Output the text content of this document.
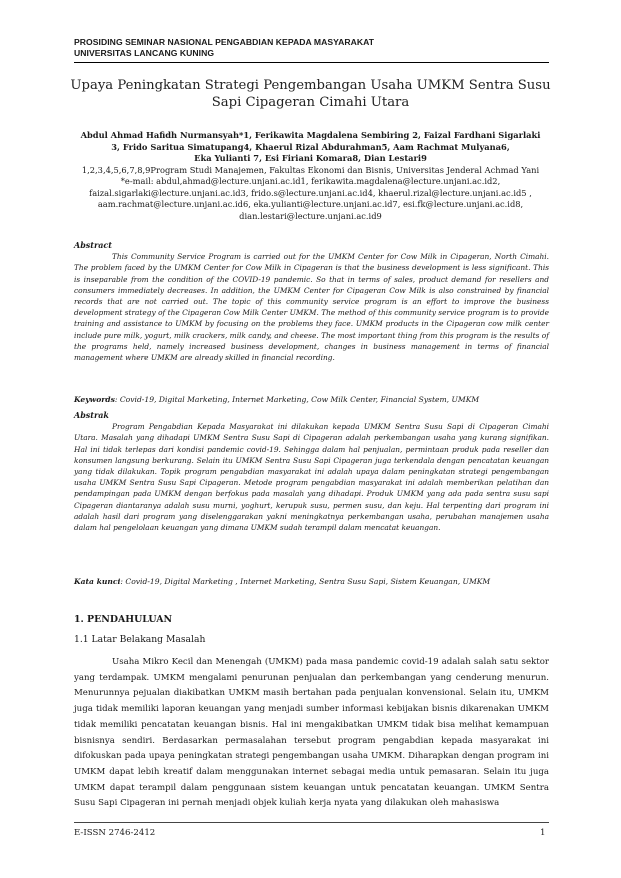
PROSIDING SEMINAR NASIONAL PENGABDIAN KEPADA MASYARAKAT
UNIVERSITAS LANCANG KUNING
Upaya Peningkatan Strategi Pengembangan Usaha UMKM Sentra Susu Sapi Cipageran Cimahi Utara
Abdul Ahmad Hafidh Nurmansyah*1, Ferikawita Magdalena Sembiring 2, Faizal Fardhani Sigarlaki
3, Frido Saritua Simatupang4, Khaerul Rizal Abdurahman5, Aam Rachmat Mulyana6,
Eka Yulianti 7, Esi Firiani Komara8, Dian Lestari9
1,2,3,4,5,6,7,8,9Program Studi Manajemen, Fakultas Ekonomi dan Bisnis, Universitas Jenderal Achmad Yani
*e-mail: abdul,ahmad@lecture.unjani.ac.id1, ferikawita.magdalena@lecture.unjani.ac.id2,
faizal.sigarlaki@lecture.unjani.ac.id3, frido.s@lecture.unjani.ac.id4, khaerul.rizal@lecture.unjani.ac.id5 ,
aam.rachmat@lecture.unjani.ac.id6, eka.yulianti@lecture.unjani.ac.id7, esi.fk@lecture.unjani.ac.id8,
dian.lestari@lecture.unjani.ac.id9
Abstract

This Community Service Program is carried out for the UMKM Center for Cow Milk in Cipageran, North Cimahi. The problem faced by the UMKM Center for Cow Milk in Cipageran is that the business development is less significant. This is inseparable from the condition of the COVID-19 pandemic. So that in terms of sales, product demand for resellers and consumers immediately decreases. In addition, the UMKM Center for Cipageran Cow Milk is also constrained by financial records that are not carried out. The topic of this community service program is an effort to improve the business development strategy of the Cipageran Cow Milk Center UMKM. The method of this community service program is to provide training and assistance to UMKM by focusing on the problems they face. UMKM products in the Cipageran cow milk center include pure milk, yogurt, milk crackers, milk candy, and cheese. The most important thing from this program is the results of the programs held, namely increased business development, changes in business management in terms of financial management where UMKM are already skilled in financial recording.

Keywords: Covid-19, Digital Marketing, Internet Marketing, Cow Milk Center, Financial System, UMKM
Abstrak

Program Pengabdian Kepada Masyarakat ini dilakukan kepada UMKM Sentra Susu Sapi di Cipageran Cimahi Utara. Masalah yang dihadapi UMKM Sentra Susu Sapi di Cipageran adalah perkembangan usaha yang kurang signifikan. Hal ini tidak terlepas dari kondisi pandemic covid-19. Sehingga dalam hal penjualan, permintaan produk pada reseller dan konsumen langsung berkurang. Selain itu UMKM Sentra Susu Sapi Cipageran juga terkendala dengan pencatatan keuangan yang tidak dilakukan. Topik program pengabdian masyarakat ini adalah upaya dalam peningkatan strategi pengembangan usaha UMKM Sentra Susu Sapi Cipageran. Metode program pengabdian masyarakat ini adalah memberikan pelatihan dan pendampingan pada UMKM dengan berfokus pada masalah yang dihadapi. Produk UMKM yang ada pada sentra susu sapi Cipageran diantaranya adalah susu murni, yoghurt, kerupuk susu, permen susu, dan keju. Hal terpenting dari program ini adalah hasil dari program yang diselenggarakan yakni meningkatnya perkembangan usaha, perubahan manajemen usaha dalam hal pengelolaan keuangan yang dimana UMKM sudah terampil dalam mencatat keuangan.

Kata kunci: Covid-19, Digital Marketing , Internet Marketing, Sentra Susu Sapi, Sistem Keuangan, UMKM
1. PENDAHULUAN
1.1 Latar Belakang Masalah

Usaha Mikro Kecil dan Menengah (UMKM) pada masa pandemic covid-19 adalah salah satu sektor yang terdampak. UMKM mengalami penurunan penjualan dan perkembangan yang cenderung menurun. Menurunnya pejualan diakibatkan UMKM masih bertahan pada penjualan konvensional. Selain itu, UMKM juga tidak memiliki laporan keuangan yang menjadi sumber informasi kebijakan bisnis dikarenakan UMKM tidak memiliki pencatatan keuangan bisnis. Hal ini mengakibatkan UMKM tidak bisa melihat kemampuan bisnisnya sendiri. Berdasarkan permasalahan tersebut program pengabdian kepada masyarakat ini difokuskan pada upaya peningkatan strategi pengembangan usaha UMKM. Diharapkan dengan program ini UMKM dapat lebih kreatif dalam menggunakan internet sebagai media untuk pemasaran. Selain itu juga UMKM dapat terampil dalam penggunaan sistem keuangan untuk pencatatan keuangan. UMKM Sentra Susu Sapi Cipageran ini pernah menjadi objek kuliah kerja nyata yang dilakukan oleh mahasiswa

E-ISSN 2746-2412	1
